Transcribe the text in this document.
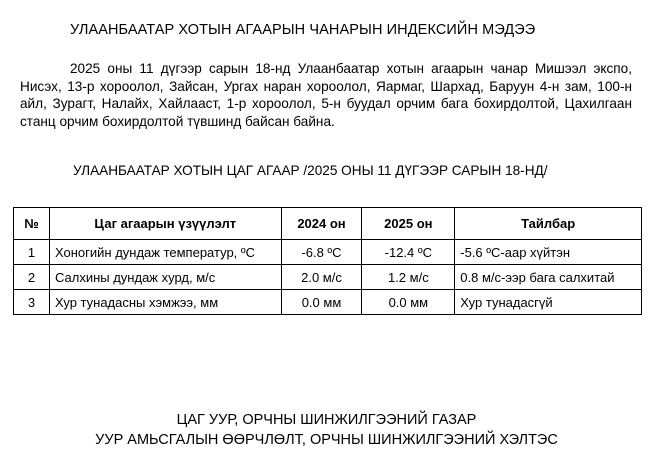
УЛААНБААТАР ХОТЫН АГААРЫН ЧАНАРЫН ИНДЕКСИЙН МЭДЭЭ
2025 оны 11 дүгээр сарын 18-нд Улаанбаатар хотын агаарын чанар Мишээл экспо, Нисэх, 13-р хороолол, Зайсан, Ургах наран хороолол, Яармаг, Шархад, Баруун 4-н зам, 100-н айл, Зурагт, Налайх, Хайлааст, 1-р хороолол, 5-н буудал орчим бага бохирдолтой, Цахилгаан станц орчим бохирдолтой түвшинд байсан байна.
УЛААНБААТАР ХОТЫН ЦАГ АГААР /2025 ОНЫ 11 ДҮГЭЭР САРЫН 18-НД/
№	Цаг агаарын үзүүлэлт	2024 он	2025 он	Тайлбар
1	Хоногийн дундаж температур, ºС	-6.8 ºС	-12.4 ºС	-5.6 ºС-аар хүйтэн
2	Салхины дундаж хурд, м/с	2.0 м/с	1.2 м/с	0.8 м/с-ээр бага салхитай
3	Хур тунадасны хэмжээ, мм	0.0 мм	0.0 мм	Хур тунадасгүй
ЦАГ УУР, ОРЧНЫ ШИНЖИЛГЭЭНИЙ ГАЗАР
УУР АМЬСГАЛЫН ӨӨРЧЛӨЛТ, ОРЧНЫ ШИНЖИЛГЭЭНИЙ ХЭЛТЭС
